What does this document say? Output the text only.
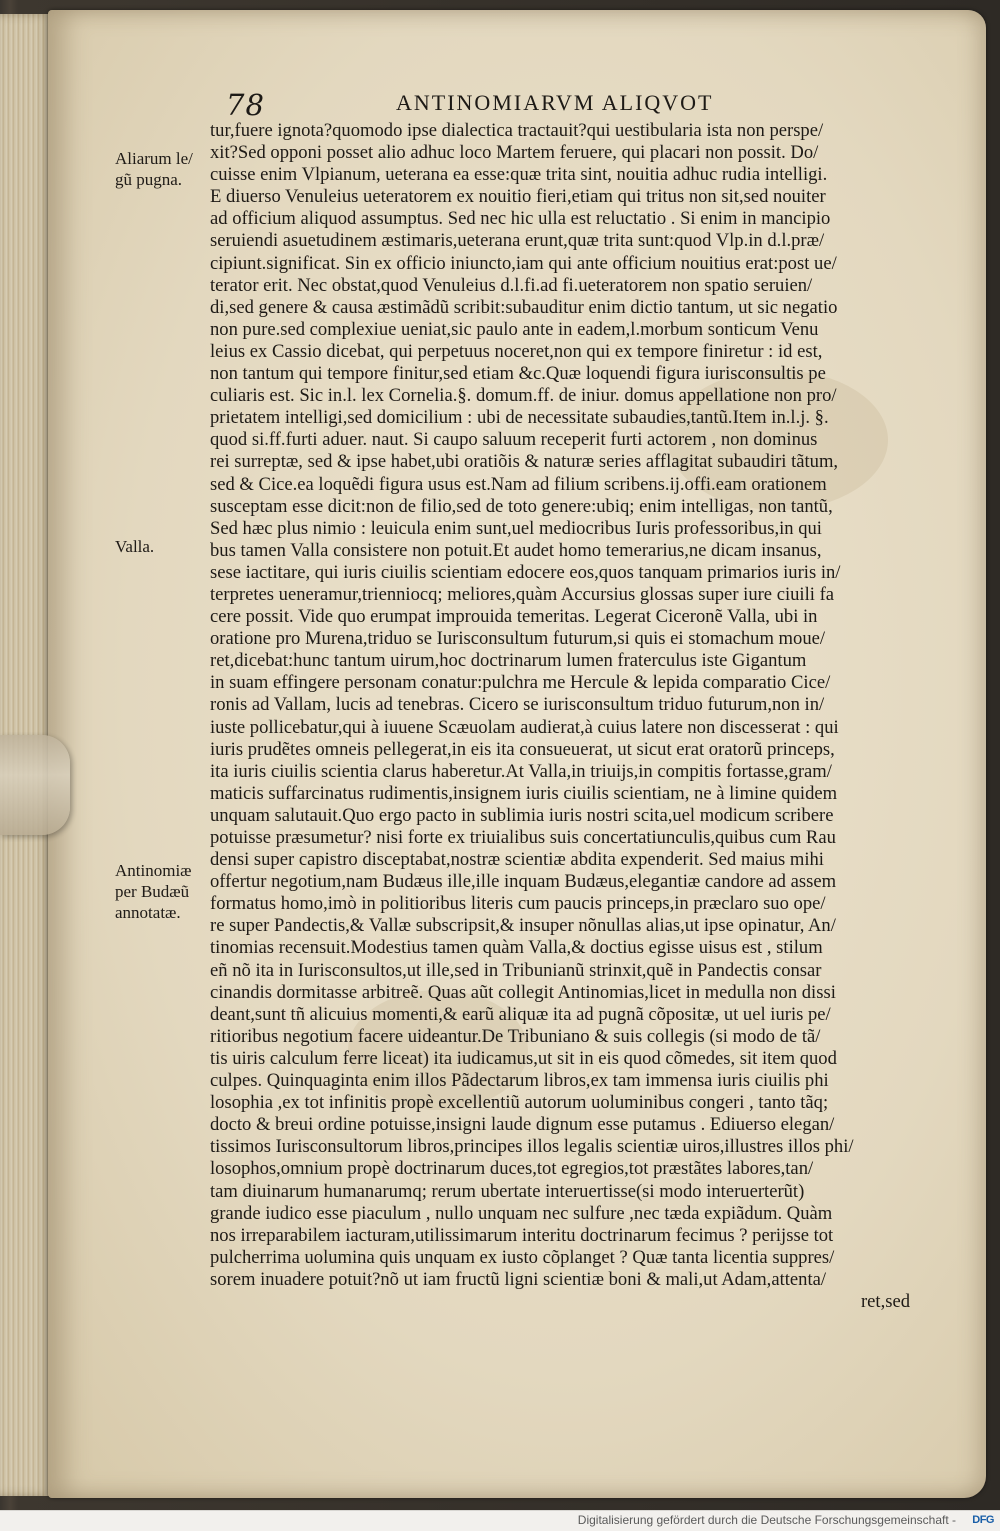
78	ANTINOMIARVM ALIQVOT
Aliarum le/
gũ pugna.
Valla.
Antinomiæ
per Budæũ
annotatæ.
tur,fuere ignota?quomodo ipse dialectica tractauit?qui uestibularia ista non perspe/
xit?Sed opponi posset alio adhuc loco Martem feruere, qui placari non possit. Do/
cuisse enim Vlpianum, ueterana ea esse:quæ trita sint, nouitia adhuc rudia intelligi.
E diuerso Venuleius ueteratorem ex nouitio fieri,etiam qui tritus non sit,sed nouiter
ad officium aliquod assumptus. Sed nec hic ulla est reluctatio . Si enim in mancipio
seruiendi asuetudinem æstimaris,ueterana erunt,quæ trita sunt:quod Vlp.in d.l.præ/
cipiunt.significat. Sin ex officio iniuncto,iam qui ante officium nouitius erat:post ue/
terator erit. Nec obstat,quod Venuleius d.l.fi.ad fi.ueteratorem non spatio seruien/
di,sed genere & causa æstimãdũ scribit:subauditur enim dictio tantum, ut sic negatio
non pure.sed complexiue ueniat,sic paulo ante in eadem,l.morbum sonticum Venu
leius ex Cassio dicebat, qui perpetuus noceret,non qui ex tempore finiretur : id est,
non tantum qui tempore finitur,sed etiam &c.Quæ loquendi figura iurisconsultis pe
culiaris est. Sic in.l. lex Cornelia.§. domum.ff. de iniur. domus appellatione non pro/
prietatem intelligi,sed domicilium : ubi de necessitate subaudies,tantũ.Item in.l.j. §.
quod si.ff.furti aduer. naut. Si caupo saluum receperit furti actorem , non dominus
rei surreptæ, sed & ipse habet,ubi oratiõis & naturæ series afflagitat subaudiri tãtum,
sed & Cice.ea loquẽdi figura usus est.Nam ad filium scribens.ij.offi.eam orationem
susceptam esse dicit:non de filio,sed de toto genere:ubiq; enim intelligas, non tantũ,
Sed hæc plus nimio : leuicula enim sunt,uel mediocribus Iuris professoribus,in qui
bus tamen Valla consistere non potuit.Et audet homo temerarius,ne dicam insanus,
sese iactitare, qui iuris ciuilis scientiam edocere eos,quos tanquam primarios iuris in/
terpretes ueneramur,trienniocq; meliores,quàm Accursius glossas super iure ciuili fa
cere possit. Vide quo erumpat improuida temeritas. Legerat Ciceronẽ Valla, ubi in
oratione pro Murena,triduo se Iurisconsultum futurum,si quis ei stomachum moue/
ret,dicebat:hunc tantum uirum,hoc doctrinarum lumen fraterculus iste Gigantum
in suam effingere personam conatur:pulchra me Hercule & lepida comparatio Cice/
ronis ad Vallam, lucis ad tenebras. Cicero se iurisconsultum triduo futurum,non in/
iuste pollicebatur,qui à iuuene Scæuolam audierat,à cuius latere non discesserat : qui
iuris prudẽtes omneis pellegerat,in eis ita consueuerat, ut sicut erat oratorũ princeps,
ita iuris ciuilis scientia clarus haberetur.At Valla,in triuijs,in compitis fortasse,gram/
maticis suffarcinatus rudimentis,insignem iuris ciuilis scientiam, ne à limine quidem
unquam salutauit.Quo ergo pacto in sublimia iuris nostri scita,uel modicum scribere
potuisse præsumetur? nisi forte ex triuialibus suis concertatiunculis,quibus cum Rau
densi super capistro disceptabat,nostræ scientiæ abdita expenderit. Sed maius mihi
offertur negotium,nam Budæus ille,ille inquam Budæus,elegantiæ candore ad assem
formatus homo,imò in politioribus literis cum paucis princeps,in præclaro suo ope/
re super Pandectis,& Vallæ subscripsit,& insuper nõnullas alias,ut ipse opinatur, An/
tinomias recensuit.Modestius tamen quàm Valla,& doctius egisse uisus est , stilum
eñ nõ ita in Iurisconsultos,ut ille,sed in Tribunianũ strinxit,quẽ in Pandectis consar
cinandis dormitasse arbitreẽ. Quas aũt collegit Antinomias,licet in medulla non dissi
deant,sunt tñ alicuius momenti,& earũ aliquæ ita ad pugnã cõpositæ, ut uel iuris pe/
ritioribus negotium facere uideantur.De Tribuniano & suis collegis (si modo de tã/
tis uiris calculum ferre liceat) ita iudicamus,ut sit in eis quod cõmedes, sit item quod
culpes. Quinquaginta enim illos Pãdectarum libros,ex tam immensa iuris ciuilis phi
losophia ,ex tot infinitis propè excellentiũ autorum uoluminibus congeri , tanto tãq;
docto & breui ordine potuisse,insigni laude dignum esse putamus . Ediuerso elegan/
tissimos Iurisconsultorum libros,principes illos legalis scientiæ uiros,illustres illos phi/
losophos,omnium propè doctrinarum duces,tot egregios,tot præstãtes labores,tan/
tam diuinarum humanarumq; rerum ubertate interuertisse(si modo interuerterũt)
grande iudico esse piaculum , nullo unquam nec sulfure ,nec tæda expiãdum. Quàm
nos irreparabilem iacturam,utilissimarum interitu doctrinarum fecimus ? perijsse tot
pulcherrima uolumina quis unquam ex iusto cõplanget ? Quæ tanta licentia suppres/
sorem inuadere potuit?nõ ut iam fructũ ligni scientiæ boni & mali,ut Adam,attenta/
ret,sed
Digitalisierung gefördert durch die Deutsche Forschungsgemeinschaft - DFG
